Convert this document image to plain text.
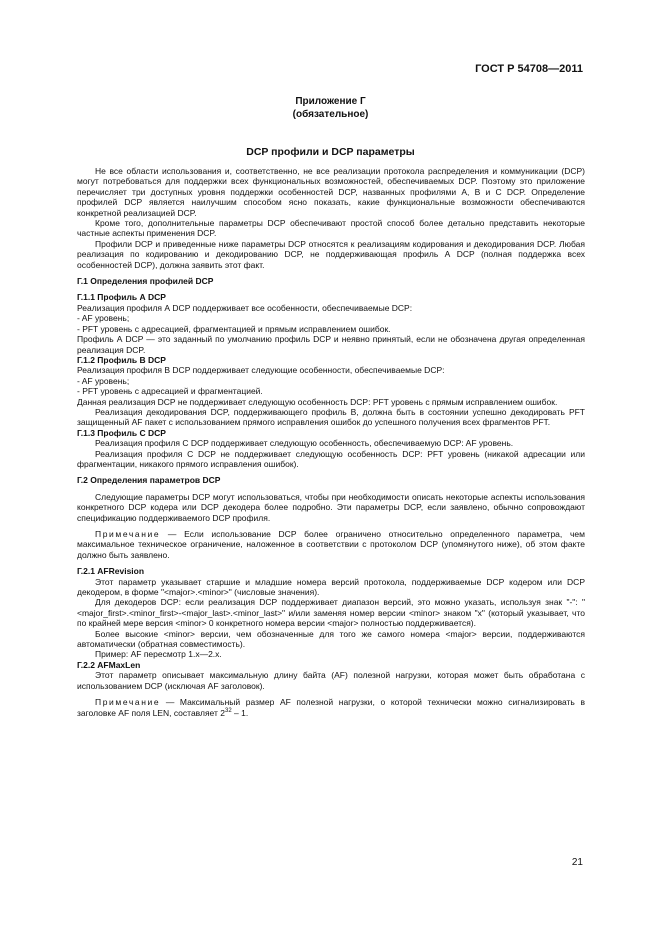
ГОСТ Р 54708—2011
Приложение Г
(обязательное)
DCP профили и DCP параметры

Не все области использования и, соответственно, не все реализации протокола распределения и коммуникации (DCP) могут потребоваться для поддержки всех функциональных возможностей, обеспечиваемых DCP. Поэтому это приложение перечисляет три доступных уровня поддержки особенностей DCP, названных профилями А, В и С DCP. Определение профилей DCP является наилучшим способом ясно показать, какие функциональные возможности обеспечиваются конкретной реализацией DCP.

Кроме того, дополнительные параметры DCP обеспечивают простой способ более детально представить некоторые частные аспекты применения DCP.

Профили DCP и приведенные ниже параметры DCP относятся к реализациям кодирования и декодирования DCP. Любая реализация по кодированию и декодированию DCP, не поддерживающая профиль А DCP (полная поддержка всех особенностей DCP), должна заявить этот факт.

Г.1 Определения профилей DCP

Г.1.1 Профиль А DCP

Реализация профиля А DCP поддерживает все особенности, обеспечиваемые DCP:

- AF уровень;

- PFT уровень с адресацией, фрагментацией и прямым исправлением ошибок.

Профиль А DCP — это заданный по умолчанию профиль DCP и неявно принятый, если не обозначена другая определенная реализация DCP.

Г.1.2 Профиль В DCP

Реализация профиля В DCP поддерживает следующие особенности, обеспечиваемые DCP:

- AF уровень;

- PFT уровень с адресацией и фрагментацией.

Данная реализация DCP не поддерживает следующую особенность DCP: PFT уровень с прямым исправлением ошибок.

Реализация декодирования DCP, поддерживающего профиль В, должна быть в состоянии успешно декодировать PFT защищенный AF пакет с использованием прямого исправления ошибок до успешного получения всех фрагментов PFT.

Г.1.3 Профиль С DCP

Реализация профиля С DCP поддерживает следующую особенность, обеспечиваемую DCP: AF уровень.

Реализация профиля С DCP не поддерживает следующую особенность DCP: PFT уровень (никакой адресации или фрагментации, никакого прямого исправления ошибок).

Г.2 Определения параметров DCP

Следующие параметры DCP могут использоваться, чтобы при необходимости описать некоторые аспекты использования конкретного DCP кодера или DCP декодера более подробно. Эти параметры DCP, если заявлено, обычно сопровождают спецификацию поддерживаемого DCP профиля.

Примечание — Если использование DCP более ограничено относительно определенного параметра, чем максимальное техническое ограничение, наложенное в соответствии с протоколом DCP (упомянутого ниже), об этом факте должно быть заявлено.

Г.2.1 AFRevision

Этот параметр указывает старшие и младшие номера версий протокола, поддерживаемые DCP кодером или DCP декодером, в форме "<major>.<minor>" (числовые значения).

Для декодеров DCP: если реализация DCP поддерживает диапазон версий, это можно указать, используя знак "-": "<major_first>.<minor_first>-<major_last>.<minor_last>" и/или заменяя номер версии <minor> знаком "x" (который указывает, что по крайней мере версия <minor> 0 конкретного номера версии <major> полностью поддерживается).

Более высокие <minor> версии, чем обозначенные для того же самого номера <major> версии, поддерживаются автоматически (обратная совместимость).

Пример: AF пересмотр 1.x—2.x.

Г.2.2 AFMaxLen

Этот параметр описывает максимальную длину байта (AF) полезной нагрузки, которая может быть обработана с использованием DCP (исключая AF заголовок).

Примечание — Максимальный размер AF полезной нагрузки, о которой технически можно сигнализировать в заголовке AF поля LEN, составляет $2^{32} - 1$.

21
